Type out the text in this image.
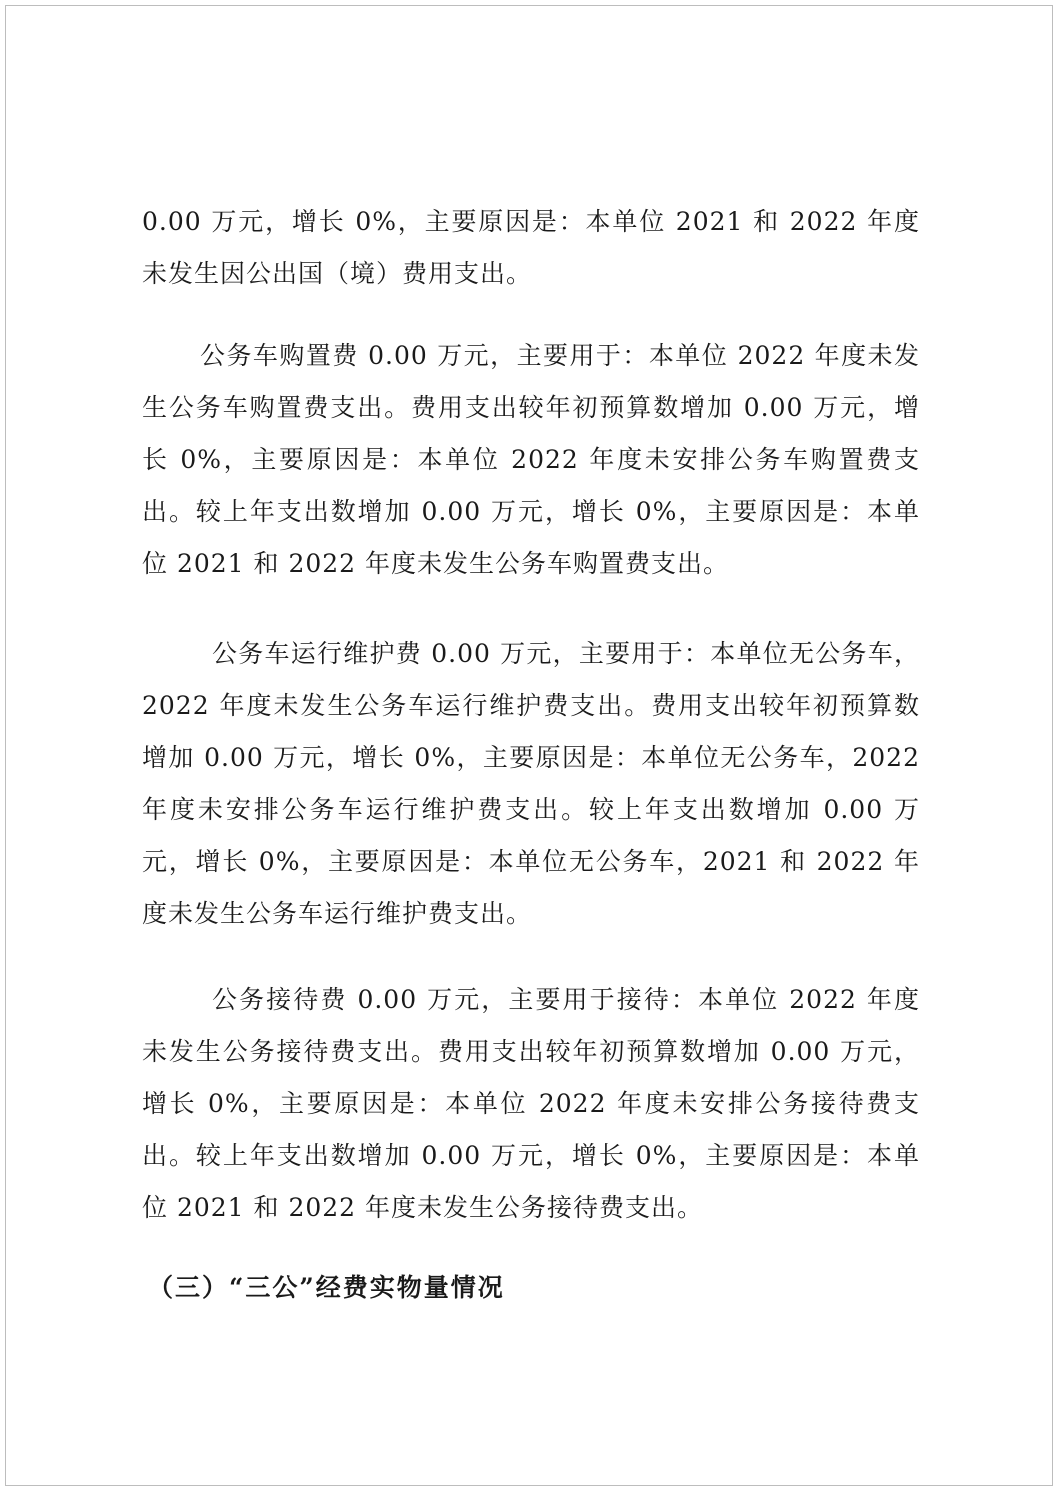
0.00 万元，增长 0%，主要原因是：本单位 2021 和 2022 年度未发生因公出国（境）费用支出。

公务车购置费 0.00 万元，主要用于：本单位 2022 年度未发生公务车购置费支出。费用支出较年初预算数增加 0.00 万元，增长 0%，主要原因是：本单位 2022 年度未安排公务车购置费支出。较上年支出数增加 0.00 万元，增长 0%，主要原因是：本单位 2021 和 2022 年度未发生公务车购置费支出。

公务车运行维护费 0.00 万元，主要用于：本单位无公务车，2022 年度未发生公务车运行维护费支出。费用支出较年初预算数增加 0.00 万元，增长 0%，主要原因是：本单位无公务车，2022 年度未安排公务车运行维护费支出。较上年支出数增加 0.00 万元，增长 0%，主要原因是：本单位无公务车，2021 和 2022 年度未发生公务车运行维护费支出。

公务接待费 0.00 万元，主要用于接待：本单位 2022 年度未发生公务接待费支出。费用支出较年初预算数增加 0.00 万元，增长 0%，主要原因是：本单位 2022 年度未安排公务接待费支出。较上年支出数增加 0.00 万元，增长 0%，主要原因是：本单位 2021 和 2022 年度未发生公务接待费支出。

（三）“三公”经费实物量情况
